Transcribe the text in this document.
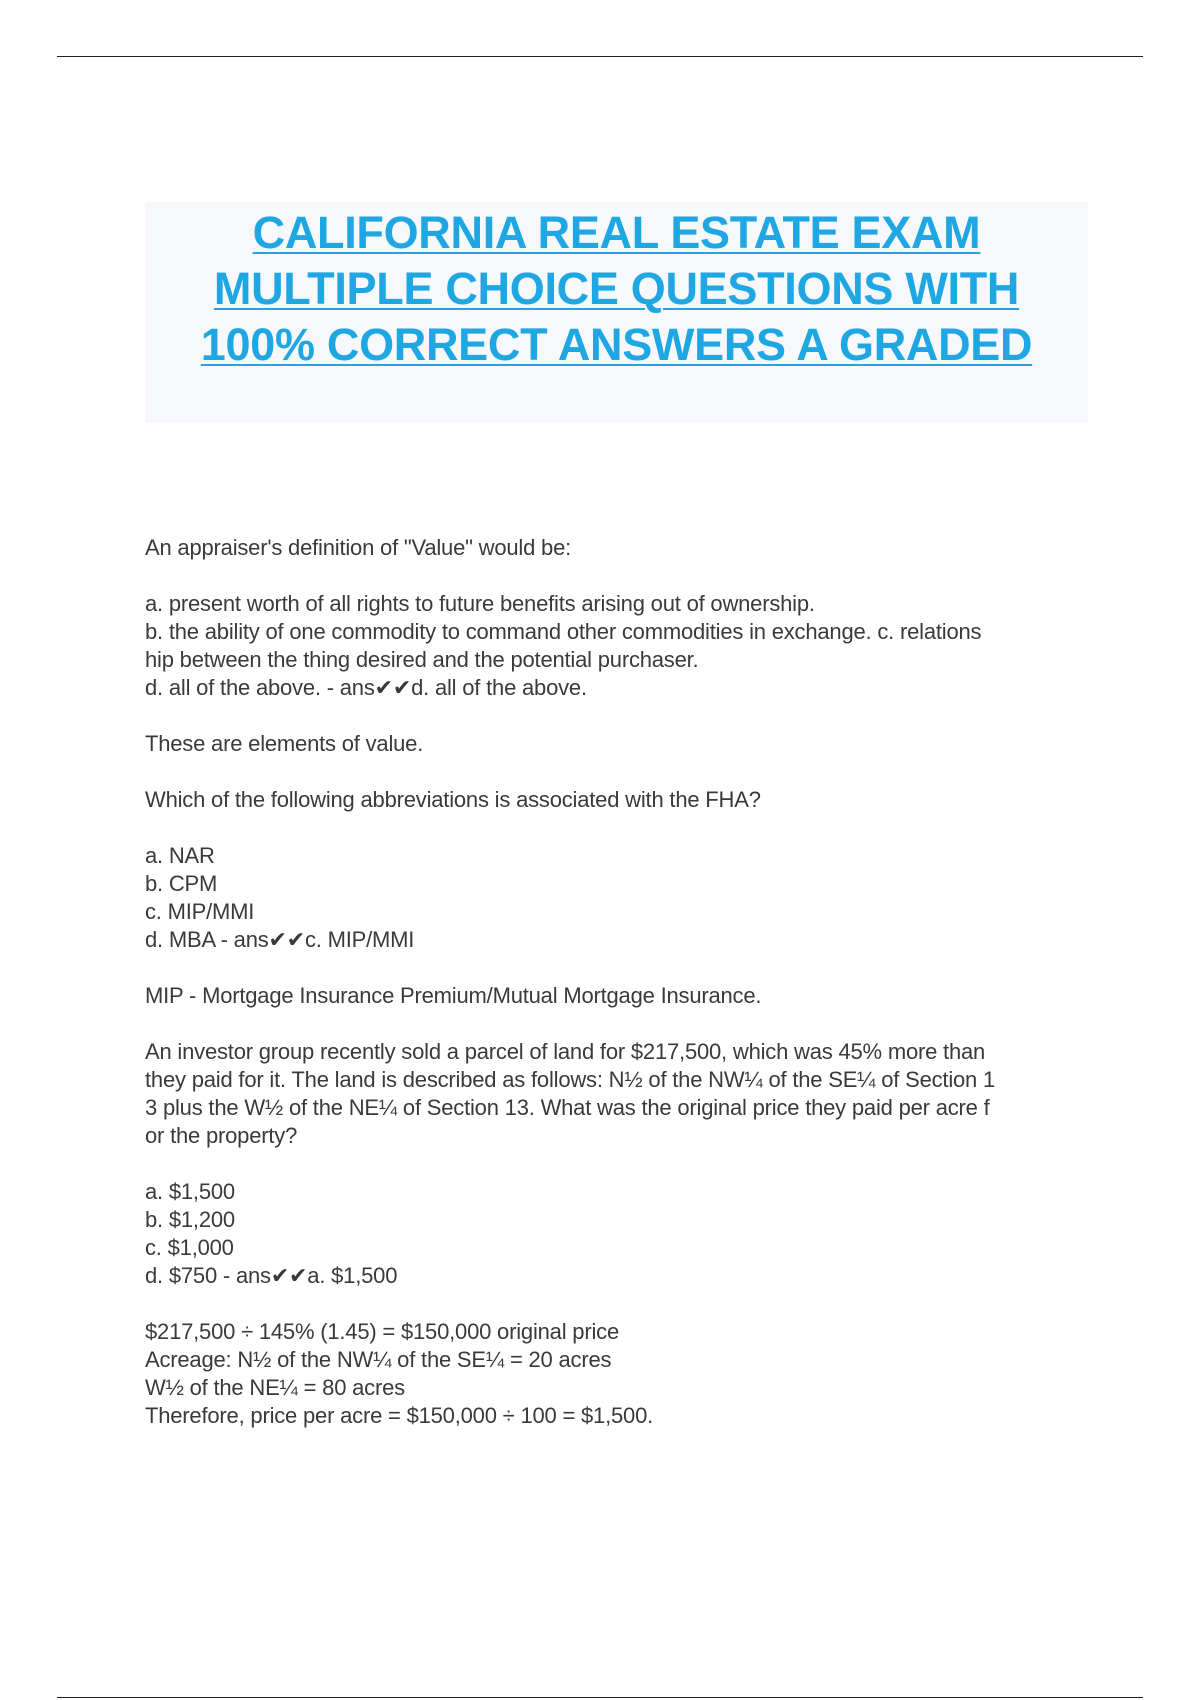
CALIFORNIA REAL ESTATE EXAM
MULTIPLE CHOICE QUESTIONS WITH
100% CORRECT ANSWERS A GRADED
An appraiser's definition of "Value" would be:
a. present worth of all rights to future benefits arising out of ownership.
b. the ability of one commodity to command other commodities in exchange. c. relations
hip between the thing desired and the potential purchaser.
d. all of the above. - ans✔✔d. all of the above.
These are elements of value.
Which of the following abbreviations is associated with the FHA?
a. NAR
b. CPM
c. MIP/MMI
d. MBA - ans✔✔c. MIP/MMI
MIP - Mortgage Insurance Premium/Mutual Mortgage Insurance.
An investor group recently sold a parcel of land for $217,500, which was 45% more than
they paid for it. The land is described as follows: N½ of the NW¼ of the SE¼ of Section 1
3 plus the W½ of the NE¼ of Section 13. What was the original price they paid per acre f
or the property?
a. $1,500
b. $1,200
c. $1,000
d. $750 - ans✔✔a. $1,500
$217,500 ÷ 145% (1.45) = $150,000 original price
Acreage: N½ of the NW¼ of the SE¼ = 20 acres
W½ of the NE¼ = 80 acres
Therefore, price per acre = $150,000 ÷ 100 = $1,500.
